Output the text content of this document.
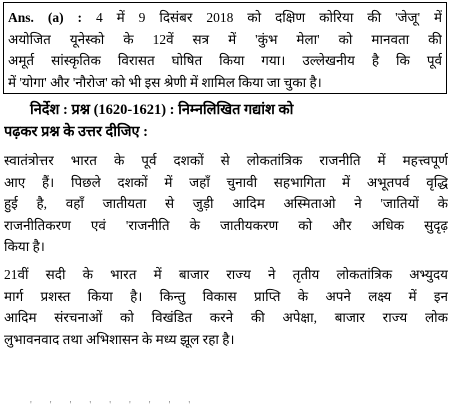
Ans. (a) : 4 में 9 दिसंबर 2018 को दक्षिण कोरिया की 'जेजू' में
अयोजित यूनेस्को के 12वें सत्र में 'कुंभ मेला' को मानवता की
अमूर्त सांस्कृतिक विरासत घोषित किया गया। उल्लेखनीय है कि पूर्व
में 'योगा' और 'नौरोज' को भी इस श्रेणी में शामिल किया जा चुका है।
निर्देश : प्रश्न (1620-1621) : निम्नलिखित गद्यांश को
पढ़कर प्रश्न के उत्तर दीजिए :
स्वातंत्रोत्तर भारत के पूर्व दशकों से लोकतांत्रिक राजनीति में महत्त्वपूर्ण
आए हैं। पिछले दशकों में जहाँ चुनावी सहभागिता में अभूतपर्व वृद्धि
हुई है, वहाँ जातीयता से जुड़ी आदिम अस्मिताओ ने 'जातियों के
राजनीतिकरण एवं 'राजनीति के जातीयकरण को और अधिक सुदृढ़
किया है।
21वीं सदी के भारत में बाजार राज्य ने तृतीय लोकतांत्रिक अभ्युदय
मार्ग प्रशस्त किया है। किन्तु विकास प्राप्ति के अपने लक्ष्य में इन
आदिम संरचनाओं को विखंडित करने की अपेक्षा, बाजार राज्य लोक
लुभावनवाद तथा अभिशासन के मध्य झूल रहा है।
'''''''''
